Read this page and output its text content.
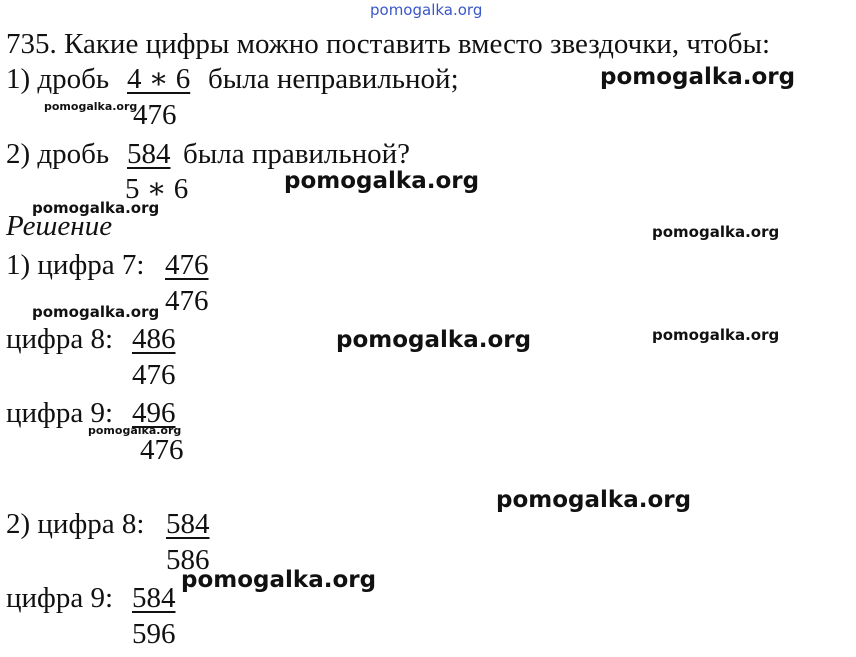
735. Какие цифры можно поставить вместо звездочки, чтобы:
1) дробь 4 ∗ 6 была неправильной;
476
2) дробь 584 была правильной?
5 ∗ 6
Решение
1) цифра 7: 476
476
цифра 8: 486
476
цифра 9: 496
476
2) цифра 8: 584
586
цифра 9: 584
596
pomogalka.org
pomogalka.org
pomogalka.org
pomogalka.org
pomogalka.org
pomogalka.org
pomogalka.org
pomogalka.org	pomogalka.org
pomogalka.org
pomogalka.org
pomogalka.org
